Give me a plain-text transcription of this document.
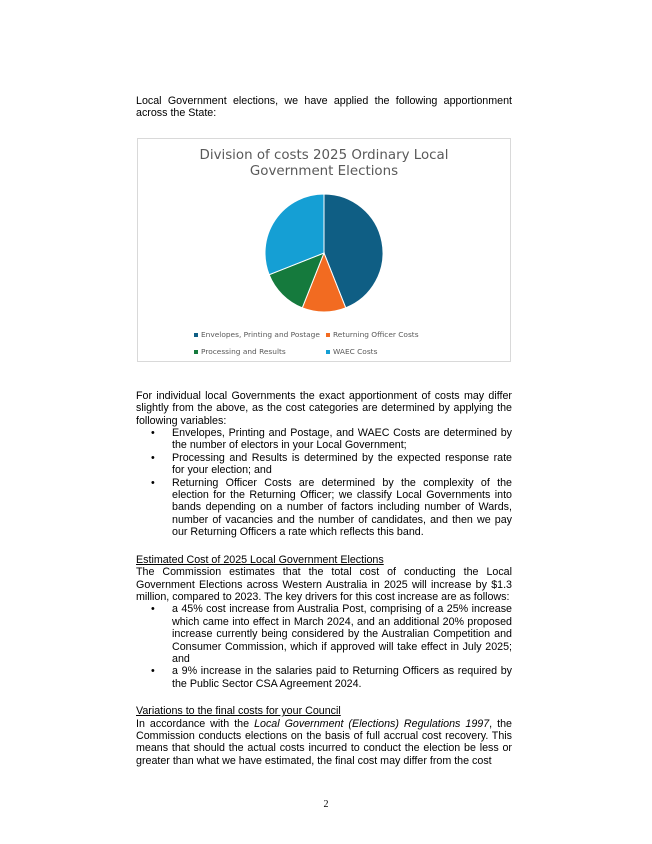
Local Government elections, we have applied the following apportionment across the State:

Division of costs 2025 Ordinary Local
Government Elections
Envelopes, Printing and Postage Returning Officer Costs
Processing and Results	WAEC Costs

For individual local Governments the exact apportionment of costs may differ slightly from the above, as the cost categories are determined by applying the following variables:

• Envelopes, Printing and Postage, and WAEC Costs are determined by the number of electors in your Local Government;
• Processing and Results is determined by the expected response rate for your election; and
• Returning Officer Costs are determined by the complexity of the election for the Returning Officer; we classify Local Governments into bands depending on a number of factors including number of Wards, number of vacancies and the number of candidates, and then we pay our Returning Officers a rate which reflects this band.

Estimated Cost of 2025 Local Government Elections

The Commission estimates that the total cost of conducting the Local Government Elections across Western Australia in 2025 will increase by $1.3 million, compared to 2023. The key drivers for this cost increase are as follows:

• a 45% cost increase from Australia Post, comprising of a 25% increase which came into effect in March 2024, and an additional 20% proposed increase currently being considered by the Australian Competition and Consumer Commission, which if approved will take effect in July 2025; and
• a 9% increase in the salaries paid to Returning Officers as required by the Public Sector CSA Agreement 2024.

Variations to the final costs for your Council

In accordance with the Local Government (Elections) Regulations 1997, the Commission conducts elections on the basis of full accrual cost recovery. This means that should the actual costs incurred to conduct the election be less or greater than what we have estimated, the final cost may differ from the cost

2
